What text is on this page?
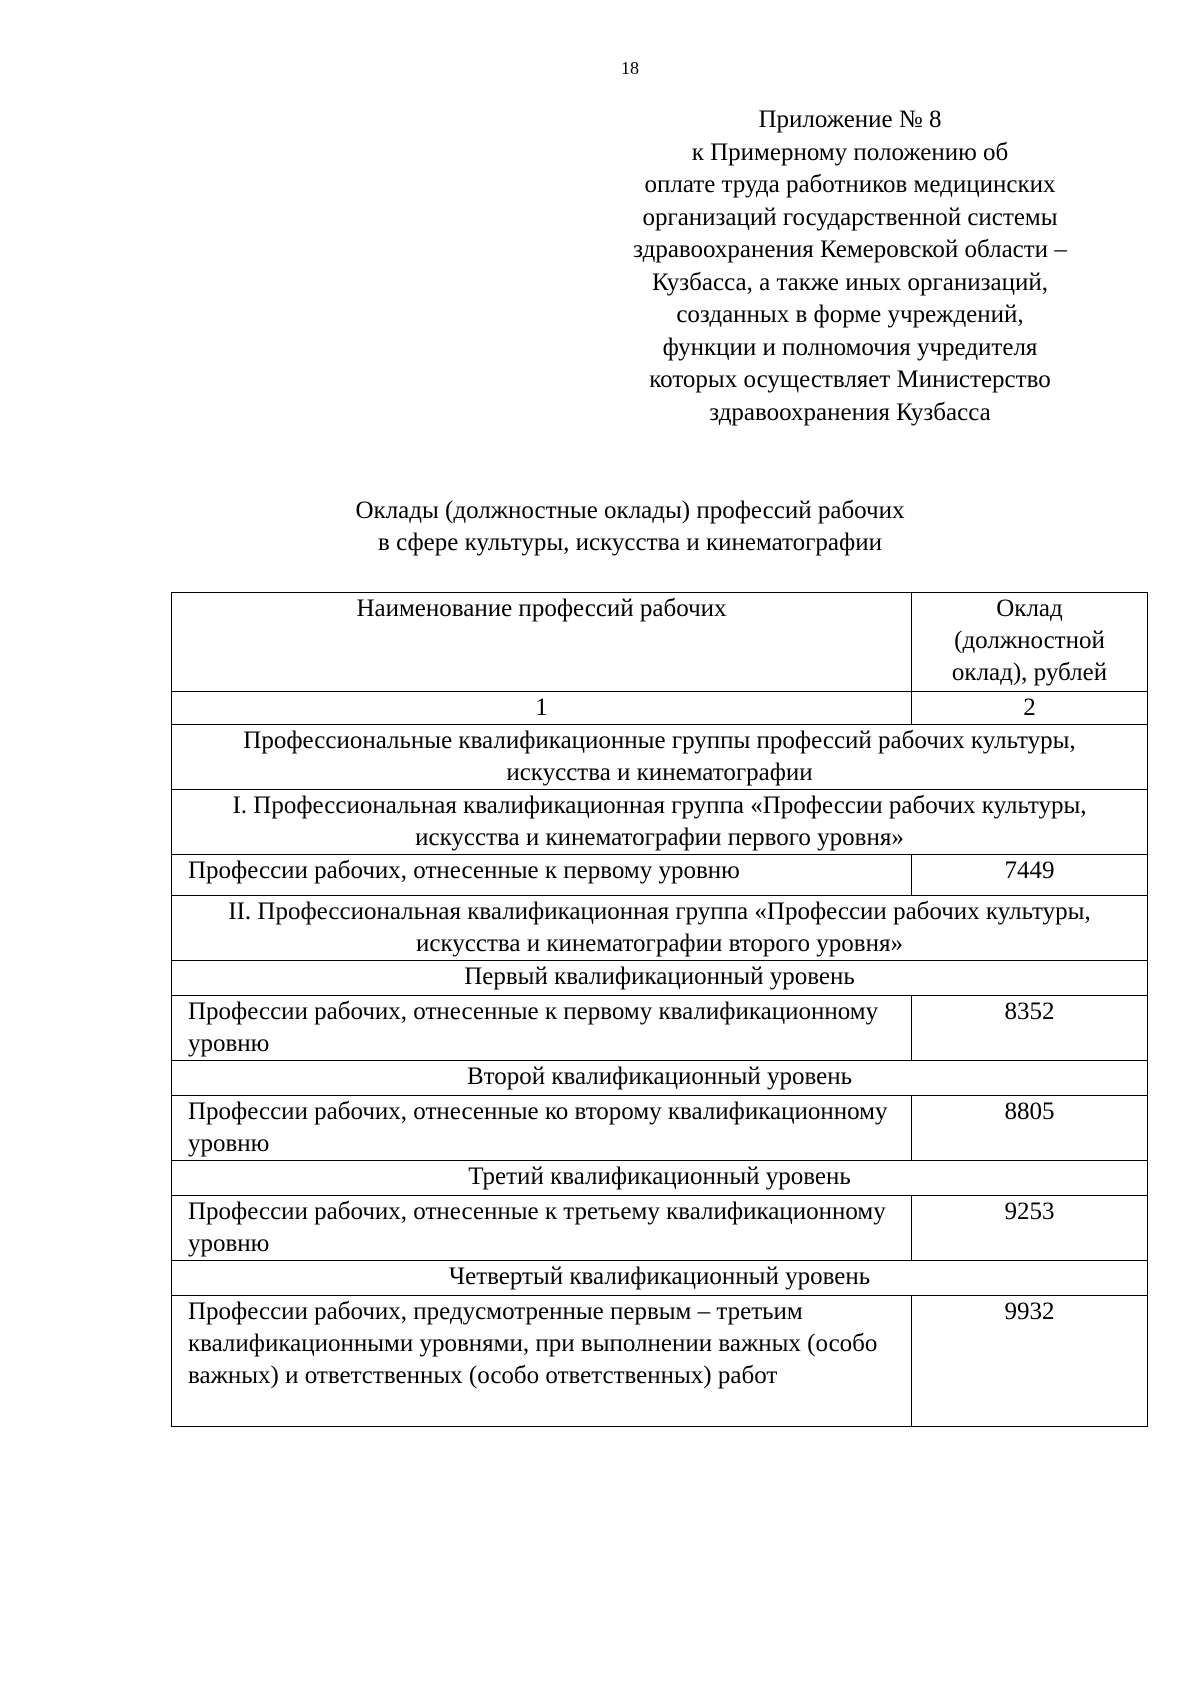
18
Приложение № 8
к Примерному положению об
оплате труда работников медицинских
организаций государственной системы
здравоохранения Кемеровской области –
Кузбасса, а также иных организаций,
созданных в форме учреждений,
функции и полномочия учредителя
которых осуществляет Министерство
здравоохранения Кузбасса
Оклады (должностные оклады) профессий рабочих
в сфере культуры, искусства и кинематографии
Наименование профессий рабочих	Оклад (должностной оклад), рублей
1	2
Профессиональные квалификационные группы профессий рабочих культуры, искусства и кинематографии	
I. Профессиональная квалификационная группа «Профессии рабочих культуры, искусства и кинематографии первого уровня»	
Профессии рабочих, отнесенные к первому уровню	7449
II. Профессиональная квалификационная группа «Профессии рабочих культуры, искусства и кинематографии второго уровня»	
Первый квалификационный уровень	
Профессии рабочих, отнесенные к первому квалификационному уровню	8352
Второй квалификационный уровень	
Профессии рабочих, отнесенные ко второму квалификационному уровню	8805
Третий квалификационный уровень	
Профессии рабочих, отнесенные к третьему квалификационному уровню	9253
Четвертый квалификационный уровень	
Профессии рабочих, предусмотренные первым – третьим квалификационными уровнями, при выполнении важных (особо важных) и ответственных (особо ответственных) работ	9932
